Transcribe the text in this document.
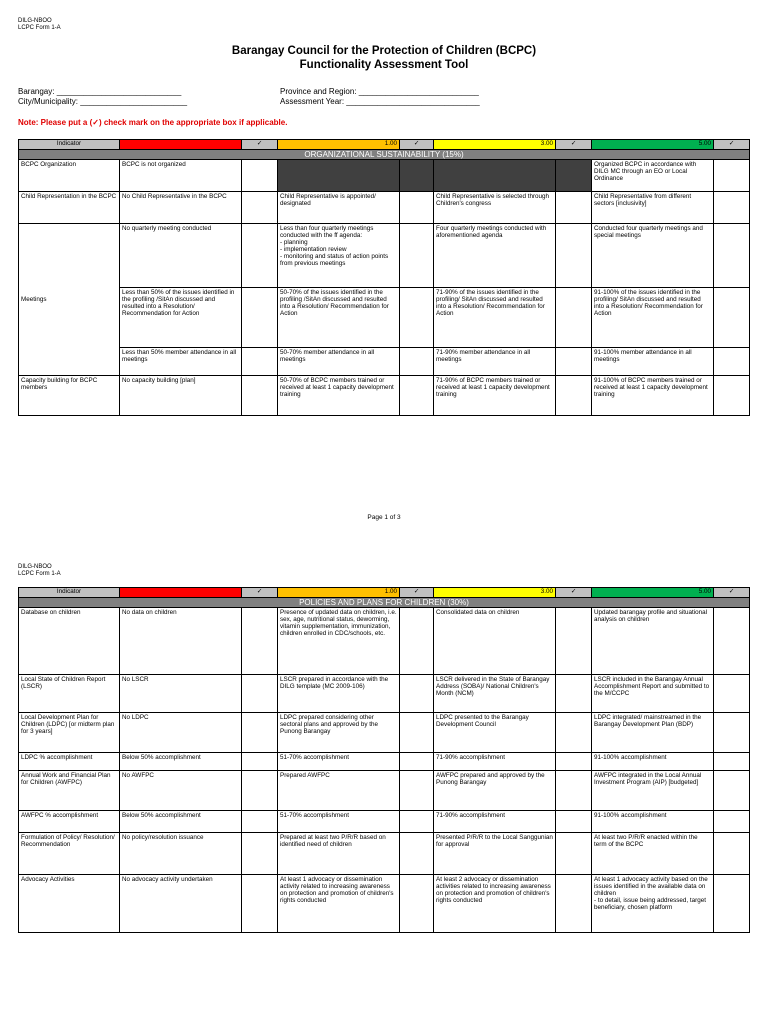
DILG-NBOO
LCPC Form 1-A
Barangay Council for the Protection of Children (BCPC)
Functionality Assessment Tool
Barangay: ____________________________	Province and Region: ___________________________
City/Municipality: ________________________	Assessment Year: ______________________________
Note: Please put a (✓) check mark on the appropriate box if applicable.
Indicator		✓	1.00	✓	3.00	✓	5.00	✓
ORGANIZATIONAL SUSTAINABILITY (15%)								
BCPC Organization	BCPC is not organized						Organized BCPC in accordance with DILG MC through an EO or Local Ordinance	
Child Representation in the BCPC	No Child Representative in the BCPC		Child Representative is appointed/ designated		Child Representative is selected through Children's congress		Child Representative from different sectors [inclusivity]	
Meetings	No quarterly meeting conducted		Less than four quarterly meetings conducted with the ff agenda:
- planning
- implementation review
- monitoring and status of action points from previous meetings		Four quarterly meetings conducted with aforementioned agenda		Conducted four quarterly meetings and special meetings	
	Less than 50% of the issues identified in the profiling /SitAn discussed and resulted into a Resolution/ Recommendation for Action		50-70% of the issues identified in the profiling /SitAn discussed and resulted into a Resolution/ Recommendation for Action		71-90% of the issues identified in the profiling/ SitAn discussed and resulted into a Resolution/ Recommendation for Action		91-100% of the issues identified in the profiling/ SitAn discussed and resulted into a Resolution/ Recommendation for Action	
	Less than 50% member attendance in all meetings		50-70% member attendance in all meetings		71-90% member attendance in all meetings		91-100% member attendance in all meetings	
Capacity building for BCPC members	No capacity building [plan]		50-70% of BCPC members trained or received at least 1 capacity development training		71-90% of BCPC members trained or received at least 1 capacity development training		91-100% of BCPC members trained or received at least 1 capacity development training	
Page 1 of 3
DILG-NBOO
LCPC Form 1-A
Indicator		✓	1.00	✓	3.00	✓	5.00	✓
POLICIES AND PLANS FOR CHILDREN (30%)								
Database on children	No data on children		Presence of updated data on children, i.e. sex, age, nutritional status, deworming, vitamin supplementation, immunization, children enrolled in CDC/schools, etc.		Consolidated data on children		Updated barangay profile and situational analysis on children	
Local State of Children Report (LSCR)	No LSCR		LSCR prepared in accordance with the DILG template (MC 2009-106)		LSCR delivered in the State of Barangay Address (SOBA)/ National Children's Month (NCM)		LSCR included in the Barangay Annual Accomplishment Report and submitted to the M/CCPC	
Local Development Plan for Children (LDPC) [or midterm plan for 3 years]	No LDPC		LDPC prepared considering other sectoral plans and approved by the Punong Barangay		LDPC presented to the Barangay Development Council		LDPC integrated/ mainstreamed in the Barangay Development Plan (BDP)	
LDPC % accomplishment	Below 50% accomplishment		51-70% accomplishment		71-90% accomplishment		91-100% accomplishment	
Annual Work and Financial Plan for Children (AWFPC)	No AWFPC		Prepared AWFPC		AWFPC prepared and approved by the Punong Barangay		AWFPC integrated in the Local Annual Investment Program (AIP) [budgeted]	
AWFPC % accomplishment	Below 50% accomplishment		51-70% accomplishment		71-90% accomplishment		91-100% accomplishment	
Formulation of Policy/ Resolution/ Recommendation	No policy/resolution issuance		Prepared at least two P/R/R based on identified need of children		Presented P/R/R to the Local Sanggunian for approval		At least two P/R/R enacted within the term of the BCPC	
Advocacy Activities	No advocacy activity undertaken		At least 1 advocacy or dissemination activity related to increasing awareness on protection and promotion of children's rights conducted		At least 2 advocacy or dissemination activities related to increasing awareness on protection and promotion of children's rights conducted		At least 1 advocacy activity based on the issues identified in the available data on children
- to detail, issue being addressed, target beneficiary, chosen platform	
